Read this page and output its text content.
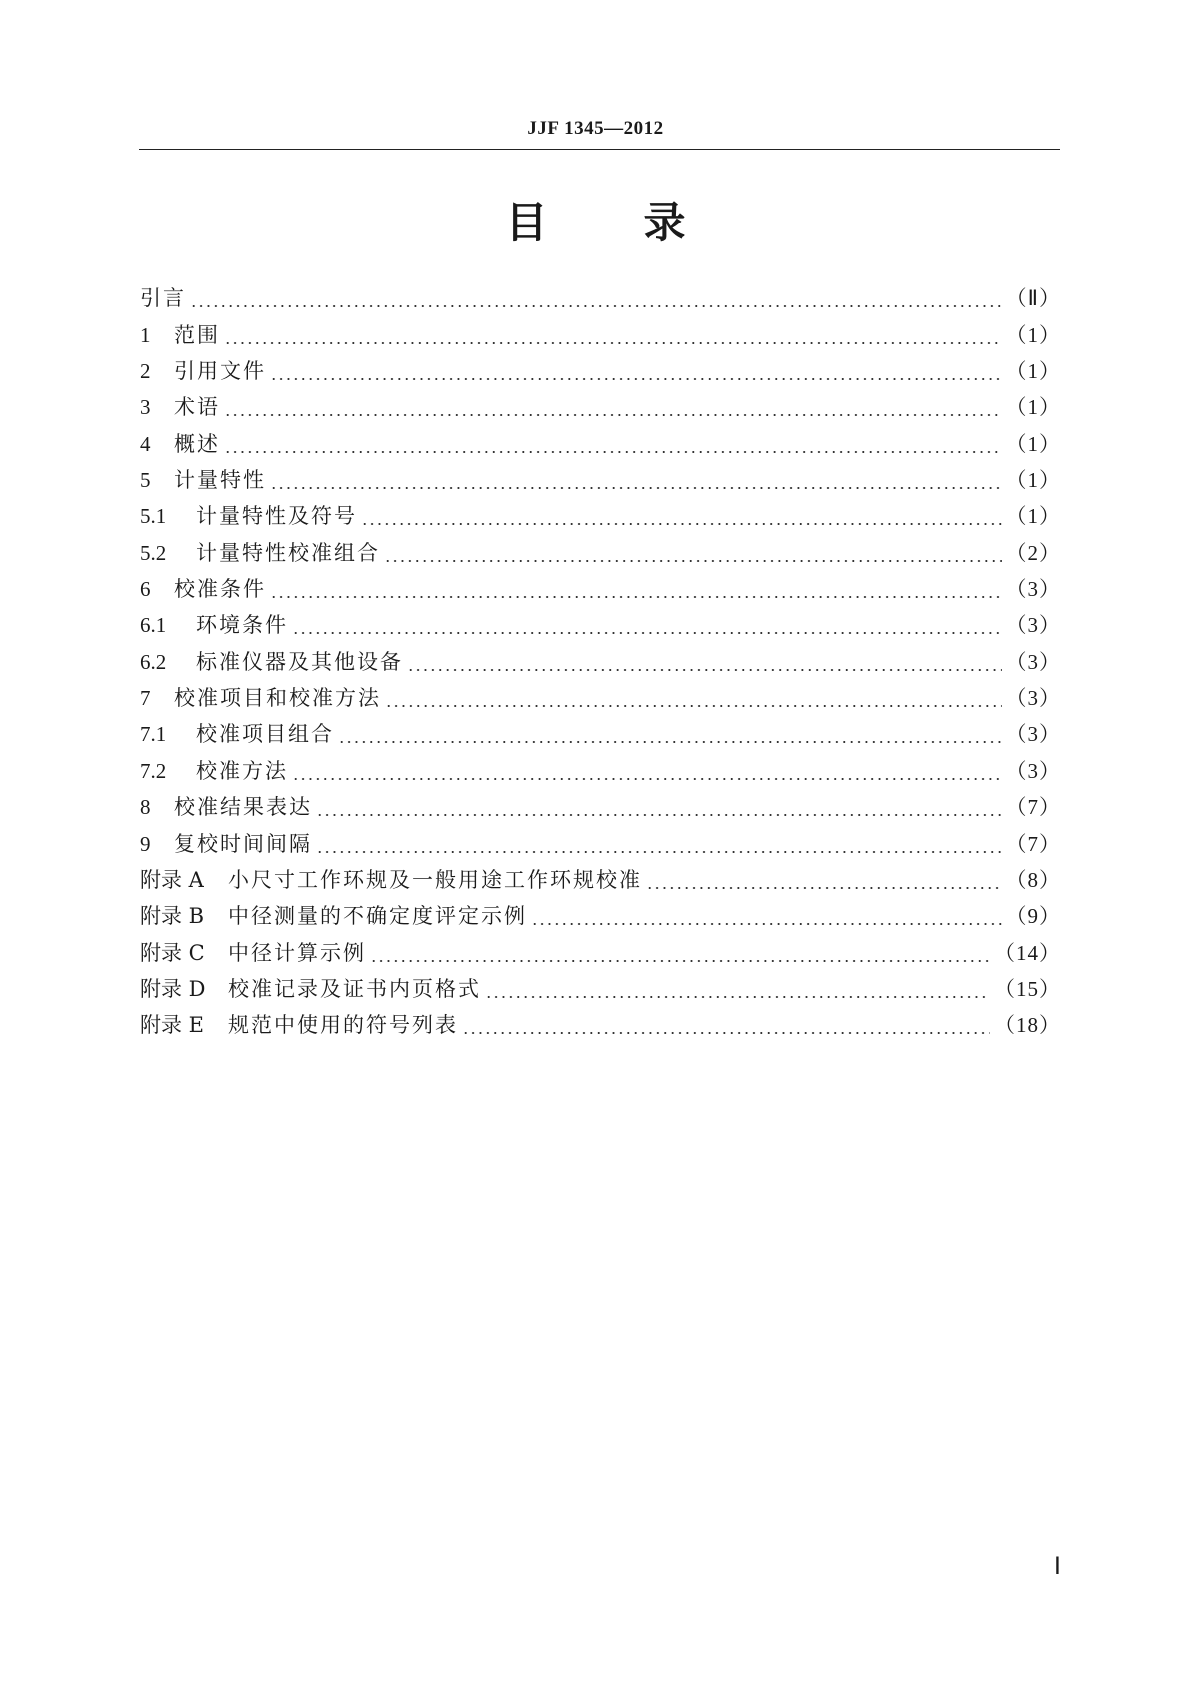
JJF 1345—2012
目 录
引言	（Ⅱ）
1	范围	（1）
2	引用文件	（1）
3	术语	（1）
4	概述	（1）
5	计量特性	（1）
5.1	计量特性及符号	（1）
5.2	计量特性校准组合	（2）
6	校准条件	（3）
6.1	环境条件	（3）
6.2	标准仪器及其他设备	（3）
7	校准项目和校准方法	（3）
7.1	校准项目组合	（3）
7.2	校准方法	（3）
8	校准结果表达	（7）
9	复校时间间隔	（7）
附录 A	小尺寸工作环规及一般用途工作环规校准	（8）
附录 B	中径测量的不确定度评定示例	（9）
附录 C	中径计算示例	（14）
附录 D	校准记录及证书内页格式	（15）
附录 E	规范中使用的符号列表	（18）
Ⅰ
